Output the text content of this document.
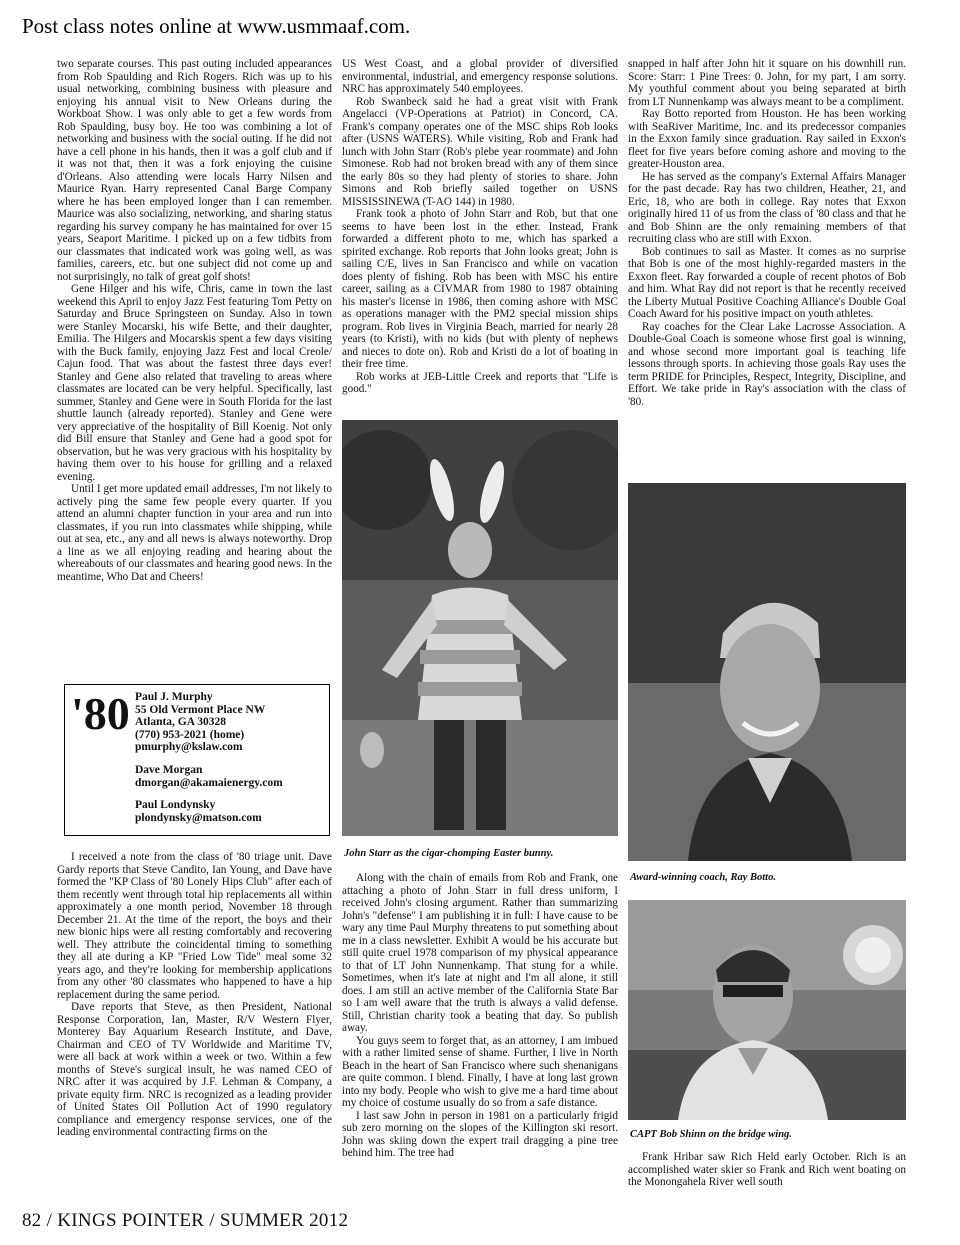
Post class notes online at www.usmmaaf.com.

two separate courses. This past outing included appearances from Rob Spaulding and Rich Rogers. Rich was up to his usual networking, combining business with pleasure and enjoying his annual visit to New Orleans during the Workboat Show. I was only able to get a few words from Rob Spaulding, busy boy. He too was combining a lot of networking and business with the social outing. If he did not have a cell phone in his hands, then it was a golf club and if it was not that, then it was a fork enjoying the cuisine d'Orleans. Also attending were locals Harry Nilsen and Maurice Ryan. Harry represented Canal Barge Company where he has been employed longer than I can remember. Maurice was also socializing, networking, and sharing status regarding his survey company he has maintained for over 15 years, Seaport Maritime. I picked up on a few tidbits from our classmates that indicated work was going well, as was families, careers, etc. but one subject did not come up and not surprisingly, no talk of great golf shots!

Gene Hilger and his wife, Chris, came in town the last weekend this April to enjoy Jazz Fest featuring Tom Petty on Saturday and Bruce Springsteen on Sunday. Also in town were Stanley Mocarski, his wife Bette, and their daughter, Emilia. The Hilgers and Mocarskis spent a few days visiting with the Buck family, enjoying Jazz Fest and local Creole/ Cajun food. That was about the fastest three days ever! Stanley and Gene also related that traveling to areas where classmates are located can be very helpful. Specifically, last summer, Stanley and Gene were in South Florida for the last shuttle launch (already reported). Stanley and Gene were very appreciative of the hospitality of Bill Koenig. Not only did Bill ensure that Stanley and Gene had a good spot for observation, but he was very gracious with his hospitality by having them over to his house for grilling and a relaxed evening.

Until I get more updated email addresses, I'm not likely to actively ping the same few people every quarter. If you attend an alumni chapter function in your area and run into classmates, if you run into classmates while shipping, while out at sea, etc., any and all news is always noteworthy. Drop a line as we all enjoying reading and hearing about the whereabouts of our classmates and hearing good news. In the meantime, Who Dat and Cheers!

'80 Paul J. Murphy
55 Old Vermont Place NW
Atlanta, GA 30328
(770) 953-2021 (home)
pmurphy@kslaw.com
Dave Morgan
dmorgan@akamaienergy.com
Paul Londynsky
plondynsky@matson.com

I received a note from the class of '80 triage unit. Dave Gardy reports that Steve Candito, Ian Young, and Dave have formed the "KP Class of '80 Lonely Hips Club" after each of them recently went through total hip replacements all within approximately a one month period, November 18 through December 21. At the time of the report, the boys and their new bionic hips were all resting comfortably and recovering well. They attribute the coincidental timing to something they all ate during a KP "Fried Low Tide" meal some 32 years ago, and they're looking for membership applications from any other '80 classmates who happened to have a hip replacement during the same period.

Dave reports that Steve, as then President, National Response Corporation, Ian, Master, R/V Western Flyer, Monterey Bay Aquarium Research Institute, and Dave, Chairman and CEO of TV Worldwide and Maritime TV, were all back at work within a week or two. Within a few months of Steve's surgical insult, he was named CEO of NRC after it was acquired by J.F. Lehman & Company, a private equity firm. NRC is recognized as a leading provider of United States Oil Pollution Act of 1990 regulatory compliance and emergency response services, one of the leading environmental contracting firms on the

US West Coast, and a global provider of diversified environmental, industrial, and emergency response solutions. NRC has approximately 540 employees.

Rob Swanbeck said he had a great visit with Frank Angelacci (VP-Operations at Patriot) in Concord, CA. Frank's company operates one of the MSC ships Rob looks after (USNS WATERS). While visiting, Rob and Frank had lunch with John Starr (Rob's plebe year roommate) and John Simonese. Rob had not broken bread with any of them since the early 80s so they had plenty of stories to share. John Simons and Rob briefly sailed together on USNS MISSISSINEWA (T-AO 144) in 1980.

Frank took a photo of John Starr and Rob, but that one seems to have been lost in the ether. Instead, Frank forwarded a different photo to me, which has sparked a spirited exchange. Rob reports that John looks great; John is sailing C/E, lives in San Francisco and while on vacation does plenty of fishing. Rob has been with MSC his entire career, sailing as a CIVMAR from 1980 to 1987 obtaining his master's license in 1986, then coming ashore with MSC as operations manager with the PM2 special mission ships program. Rob lives in Virginia Beach, married for nearly 28 years (to Kristi), with no kids (but with plenty of nephews and nieces to dote on). Rob and Kristi do a lot of boating in their free time.

Rob works at JEB-Little Creek and reports that "Life is good."

John Starr as the cigar-chomping Easter bunny.

Along with the chain of emails from Rob and Frank, one attaching a photo of John Starr in full dress uniform, I received John's closing argument. Rather than summarizing John's "defense" I am publishing it in full: I have cause to be wary any time Paul Murphy threatens to put something about me in a class newsletter. Exhibit A would be his accurate but still quite cruel 1978 comparison of my physical appearance to that of LT John Nunnenkamp. That stung for a while. Sometimes, when it's late at night and I'm all alone, it still does. I am still an active member of the California State Bar so I am well aware that the truth is always a valid defense. Still, Christian charity took a beating that day. So publish away.

You guys seem to forget that, as an attorney, I am imbued with a rather limited sense of shame. Further, I live in North Beach in the heart of San Francisco where such shenanigans are quite common. I blend. Finally, I have at long last grown into my body. People who wish to give me a hard time about my choice of costume usually do so from a safe distance.

I last saw John in person in 1981 on a particularly frigid sub zero morning on the slopes of the Killington ski resort. John was skiing down the expert trail dragging a pine tree behind him. The tree had

snapped in half after John hit it square on his downhill run. Score: Starr: 1 Pine Trees: 0. John, for my part, I am sorry. My youthful comment about you being separated at birth from LT Nunnenkamp was always meant to be a compliment.

Ray Botto reported from Houston. He has been working with SeaRiver Maritime, Inc. and its predecessor companies in the Exxon family since graduation. Ray sailed in Exxon's fleet for five years before coming ashore and moving to the greater-Houston area.

He has served as the company's External Affairs Manager for the past decade. Ray has two children, Heather, 21, and Eric, 18, who are both in college. Ray notes that Exxon originally hired 11 of us from the class of '80 class and that he and Bob Shinn are the only remaining members of that recruiting class who are still with Exxon.

Bob continues to sail as Master. It comes as no surprise that Bob is one of the most highly-regarded masters in the Exxon fleet. Ray forwarded a couple of recent photos of Bob and him. What Ray did not report is that he recently received the Liberty Mutual Positive Coaching Alliance's Double Goal Coach Award for his positive impact on youth athletes.

Ray coaches for the Clear Lake Lacrosse Association. A Double-Goal Coach is someone whose first goal is winning, and whose second more important goal is teaching life lessons through sports. In achieving those goals Ray uses the term PRIDE for Principles, Respect, Integrity, Discipline, and Effort. We take pride in Ray's association with the class of '80.

Award-winning coach, Ray Botto.
CAPT Bob Shinn on the bridge wing.

Frank Hribar saw Rich Held early October. Rich is an accomplished water skier so Frank and Rich went boating on the Monongahela River well south

82 / KINGS POINTER / SUMMER 2012
